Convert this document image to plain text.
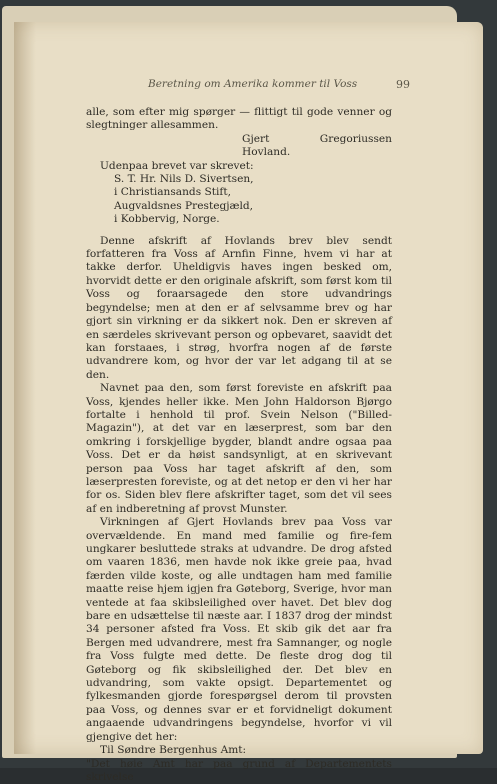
Beretning om Amerika kommer til Voss	99

alle, som efter mig spørger — flittigt til gode venner og slegtninger allesammen.

Gjert Gregoriussen Hovland.

Udenpaa brevet var skrevet:

S. T. Hr. Nils D. Sivertsen,

i Christiansands Stift,

Augvaldsnes Prestegjæld,

i Kobbervig, Norge.

Denne afskrift af Hovlands brev blev sendt forfatteren fra Voss af Arnfin Finne, hvem vi har at takke derfor. Uheldigvis haves ingen besked om, hvorvidt dette er den originale afskrift, som først kom til Voss og foraarsagede den store udvandrings begyndelse; men at den er af selvsamme brev og har gjort sin virkning er da sikkert nok. Den er skreven af en særdeles skrivevant person og opbevaret, saavidt det kan forstaaes, i strøg, hvorfra nogen af de første udvandrere kom, og hvor der var let adgang til at se den.

Navnet paa den, som først foreviste en afskrift paa Voss, kjendes heller ikke. Men John Haldorson Bjørgo fortalte i henhold til prof. Svein Nelson ("Billed-Magazin"), at det var en læserprest, som bar den omkring i forskjellige bygder, blandt andre ogsaa paa Voss. Det er da høist sandsynligt, at en skrivevant person paa Voss har taget afskrift af den, som læserpresten foreviste, og at det netop er den vi her har for os. Siden blev flere afskrifter taget, som det vil sees af en indberetning af provst Munster.

Virkningen af Gjert Hovlands brev paa Voss var overvældende. En mand med familie og fire-fem ungkarer besluttede straks at udvandre. De drog afsted om vaaren 1836, men havde nok ikke greie paa, hvad færden vilde koste, og alle undtagen ham med familie maatte reise hjem igjen fra Gøteborg, Sverige, hvor man ventede at faa skibsleilighed over havet. Det blev dog bare en udsættelse til næste aar. I 1837 drog der mindst 34 personer afsted fra Voss. Et skib gik det aar fra Bergen med udvandrere, mest fra Samnanger, og nogle fra Voss fulgte med dette. De fleste drog dog til Gøteborg og fik skibsleilighed der. Det blev en udvandring, som vakte opsigt. Departementet og fylkesmanden gjorde forespørgsel derom til provsten paa Voss, og dennes svar er et forvidneligt dokument angaaende udvandringens begyndelse, hvorfor vi vil gjengive det her:

Til Søndre Bergenhus Amt:

"Det høie Amt har paa grund af Departementets skrivelse
